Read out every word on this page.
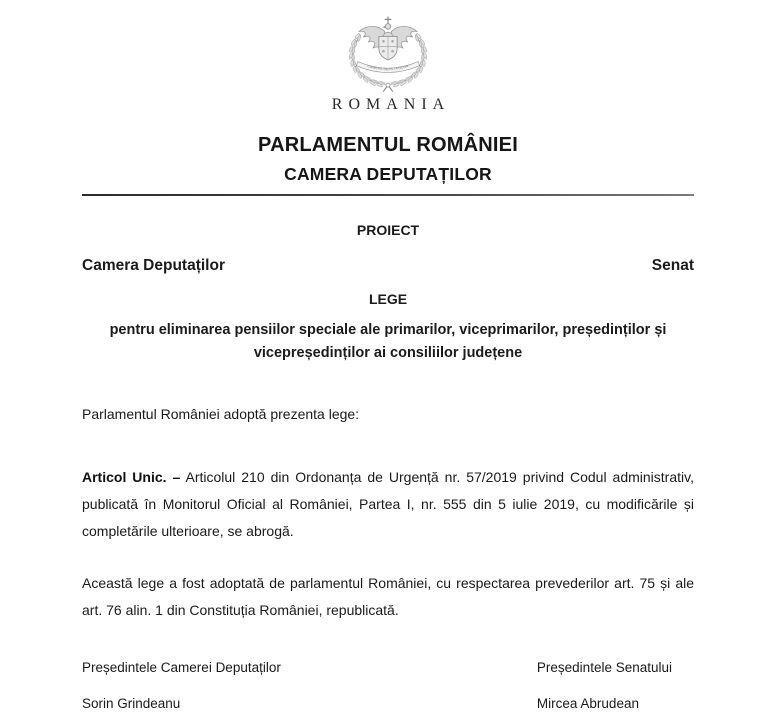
CAMERA DEPUTAȚILOR
ROMANIA
PARLAMENTUL ROMÂNIEI
CAMERA DEPUTAȚILOR

PROIECT

Camera Deputaților	Senat

LEGE

pentru eliminarea pensiilor speciale ale primarilor, viceprimarilor, președinților și vicepreședinților ai consiliilor județene

Parlamentul României adoptă prezenta lege:

Articol Unic. – Articolul 210 din Ordonanța de Urgență nr. 57/2019 privind Codul administrativ, publicată în Monitorul Oficial al României, Partea I, nr. 555 din 5 iulie 2019, cu modificările și completările ulterioare, se abrogă.

Această lege a fost adoptată de parlamentul României, cu respectarea prevederilor art. 75 și ale art. 76 alin. 1 din Constituția României, republicată.

Președintele Camerei Deputaților

Sorin Grindeanu

Președintele Senatului

Mircea Abrudean
